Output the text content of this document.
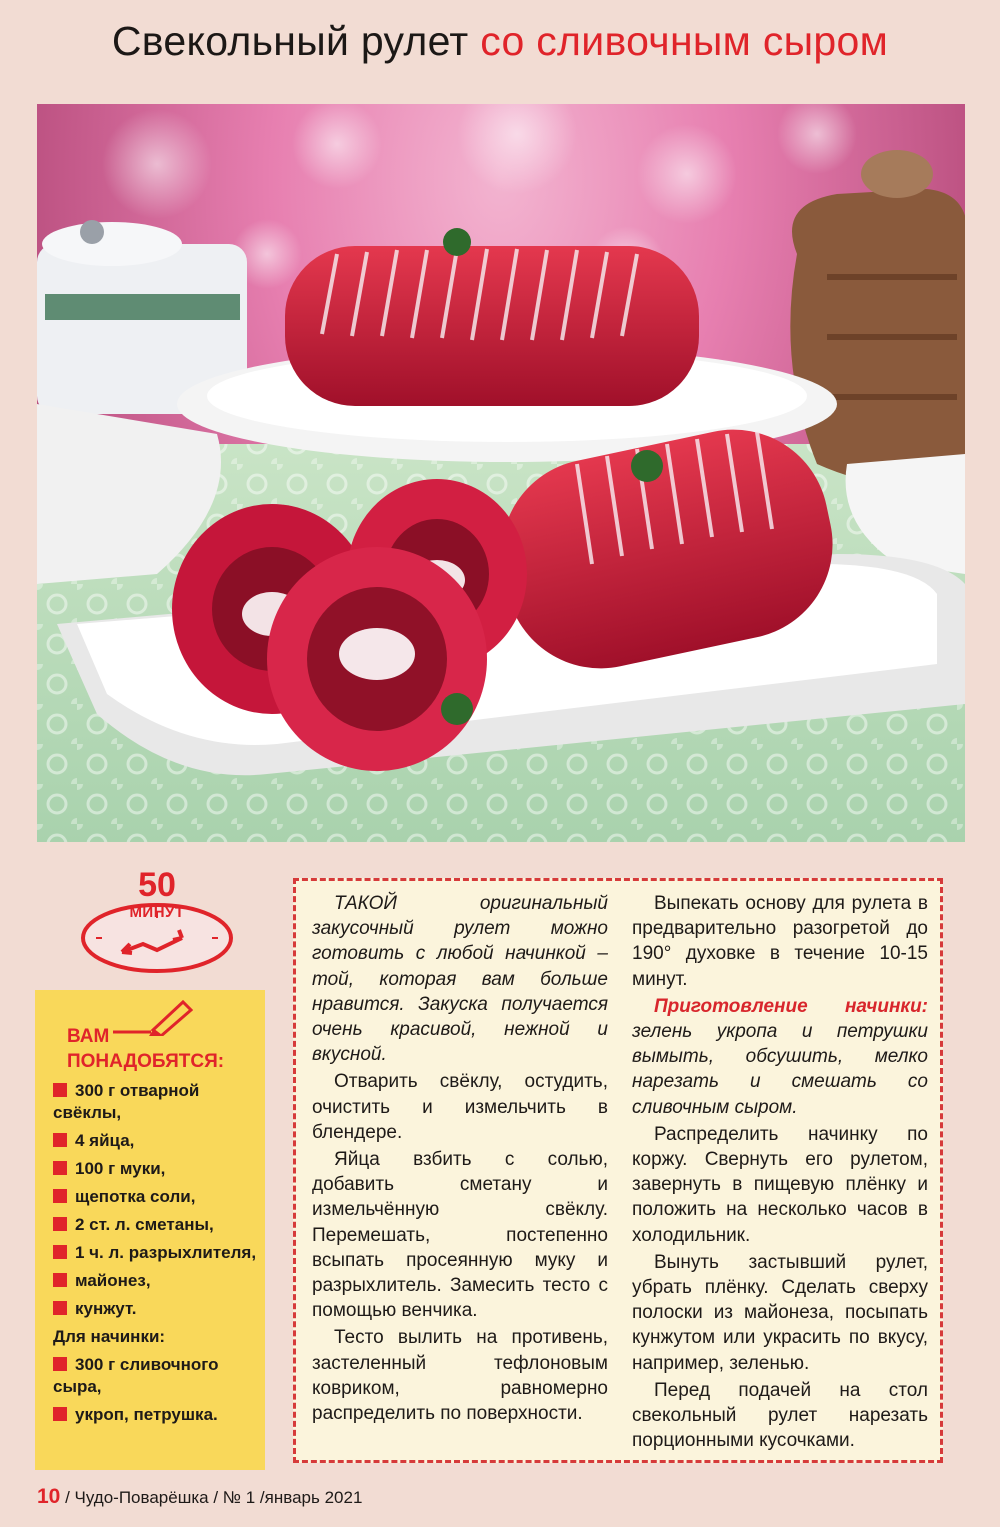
Свекольный рулет со сливочным сыром
50
МИНУТ
ВАМ
ПОНАДОБЯТСЯ:
300 г отварной свёклы,
4 яйца,
100 г муки,
щепотка соли,
2 ст. л. сметаны,
1 ч. л. разрыхлителя,
майонез,
кунжут.
Для начинки:
300 г сливочного сыра,
укроп, петрушка.

ТАКОЙ оригинальный закусочный рулет можно готовить с любой начинкой – той, которая вам больше нравится. Закуска получается очень красивой, нежной и вкусной.

Отварить свёклу, остудить, очистить и измельчить в блендере.

Яйца взбить с солью, добавить сметану и измельчённую свёклу. Перемешать, постепенно всыпать просеянную муку и разрыхлитель. Замесить тесто с помощью венчика.

Тесто вылить на противень, застеленный тефлоновым ковриком, равномерно распределить по поверхности.

Выпекать основу для рулета в предварительно разогретой до 190° духовке в течение 10-15 минут.

Приготовление начинки: зелень укропа и петрушки вымыть, обсушить, мелко нарезать и смешать со сливочным сыром.

Распределить начинку по коржу. Свернуть его рулетом, завернуть в пищевую плёнку и положить на несколько часов в холодильник.

Вынуть застывший рулет, убрать плёнку. Сделать сверху полоски из майонеза, посыпать кунжутом или украсить по вкусу, например, зеленью.

Перед подачей на стол свекольный рулет нарезать порционными кусочками.

10 / Чудо-Поварёшка / № 1 /январь 2021
